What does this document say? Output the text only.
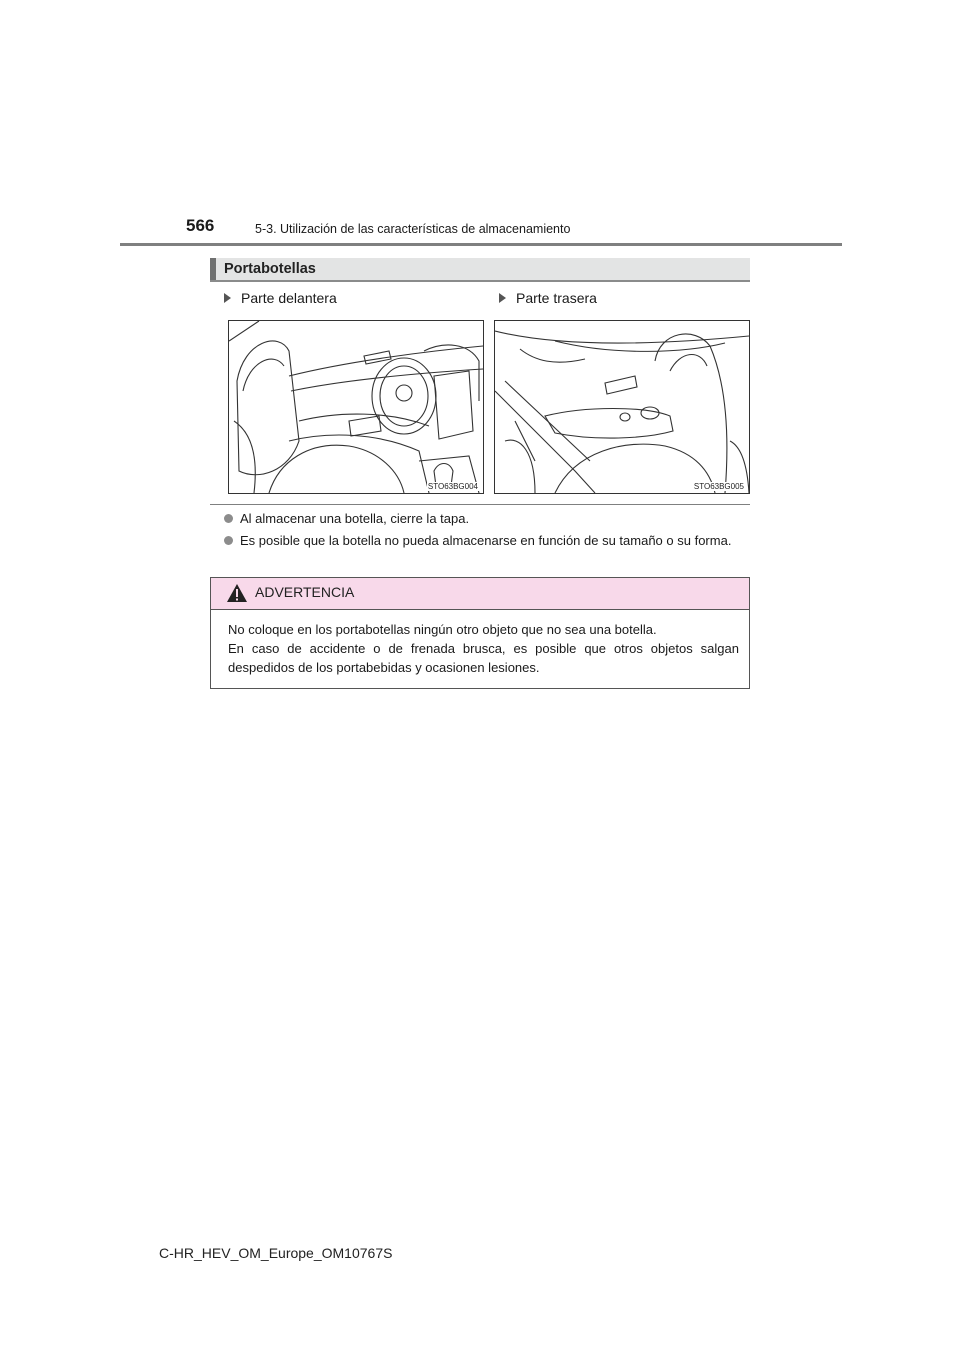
566	5-3. Utilización de las características de almacenamiento
Portabotellas
Parte delantera	Parte trasera
STO63BG004	STO63BG005
Al almacenar una botella, cierre la tapa.
Es posible que la botella no pueda almacenarse en función de su tamaño o su forma.
ADVERTENCIA

No coloque en los portabotellas ningún otro objeto que no sea una botella.

En caso de accidente o de frenada brusca, es posible que otros objetos salgan despedidos de los portabebidas y ocasionen lesiones.

C-HR_HEV_OM_Europe_OM10767S
